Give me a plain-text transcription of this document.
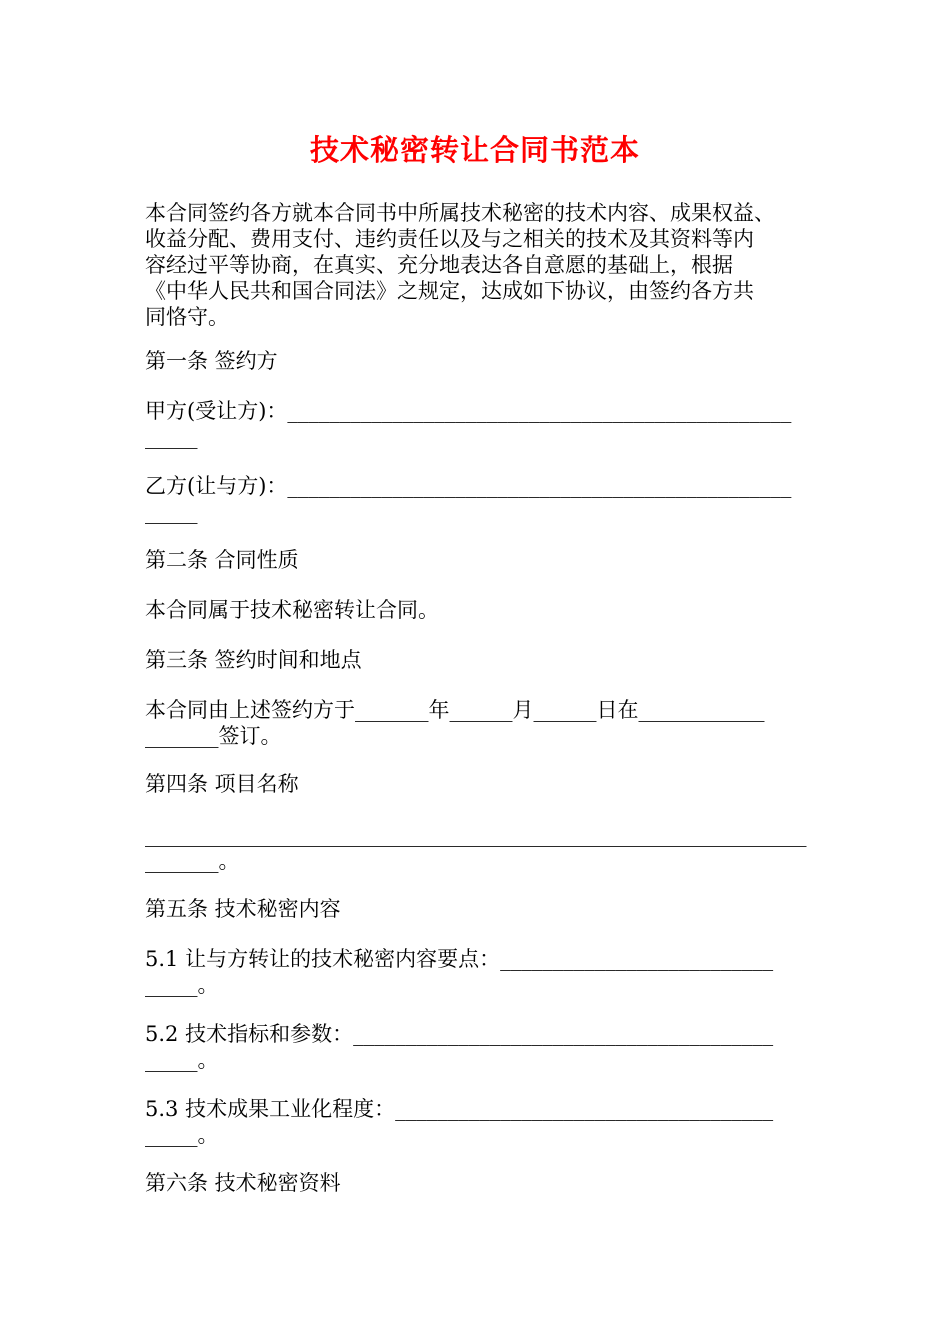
技术秘密转让合同书范本
本合同签约各方就本合同书中所属技术秘密的技术内容、成果权益、
收益分配、费用支付、违约责任以及与之相关的技术及其资料等内
容经过平等协商，在真实、充分地表达各自意愿的基础上，根据
《中华人民共和国合同法》之规定，达成如下协议，由签约各方共
同恪守。
第一条 签约方
甲方(受让方)：________________________________________________
_____
乙方(让与方)：________________________________________________
_____
第二条 合同性质
本合同属于技术秘密转让合同。
第三条 签约时间和地点
本合同由上述签约方于_______年______月______日在____________
_______签订。
第四条 项目名称
_______________________________________________________________
_______。
第五条 技术秘密内容
5.1 让与方转让的技术秘密内容要点：__________________________
_____。
5.2 技术指标和参数：________________________________________
_____。
5.3 技术成果工业化程度：____________________________________
_____。
第六条 技术秘密资料
